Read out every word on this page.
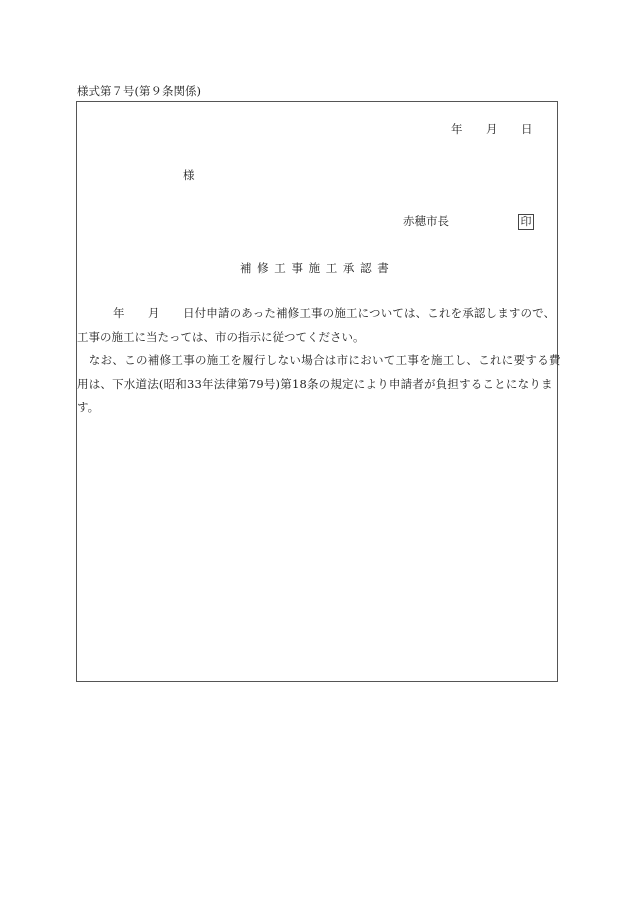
様式第７号(第９条関係)
年 月 日
様
赤穂市長	印
補 修 工 事 施 工 承 認 書
年 月 日付申請のあった補修工事の施工については、これを承認しますので、
工事の施工に当たっては、市の指示に従つてください。
　なお、この補修工事の施工を履行しない場合は市において工事を施工し、これに要する費
用は、下水道法(昭和33年法律第79号)第18条の規定により申請者が負担することになりま
す。
